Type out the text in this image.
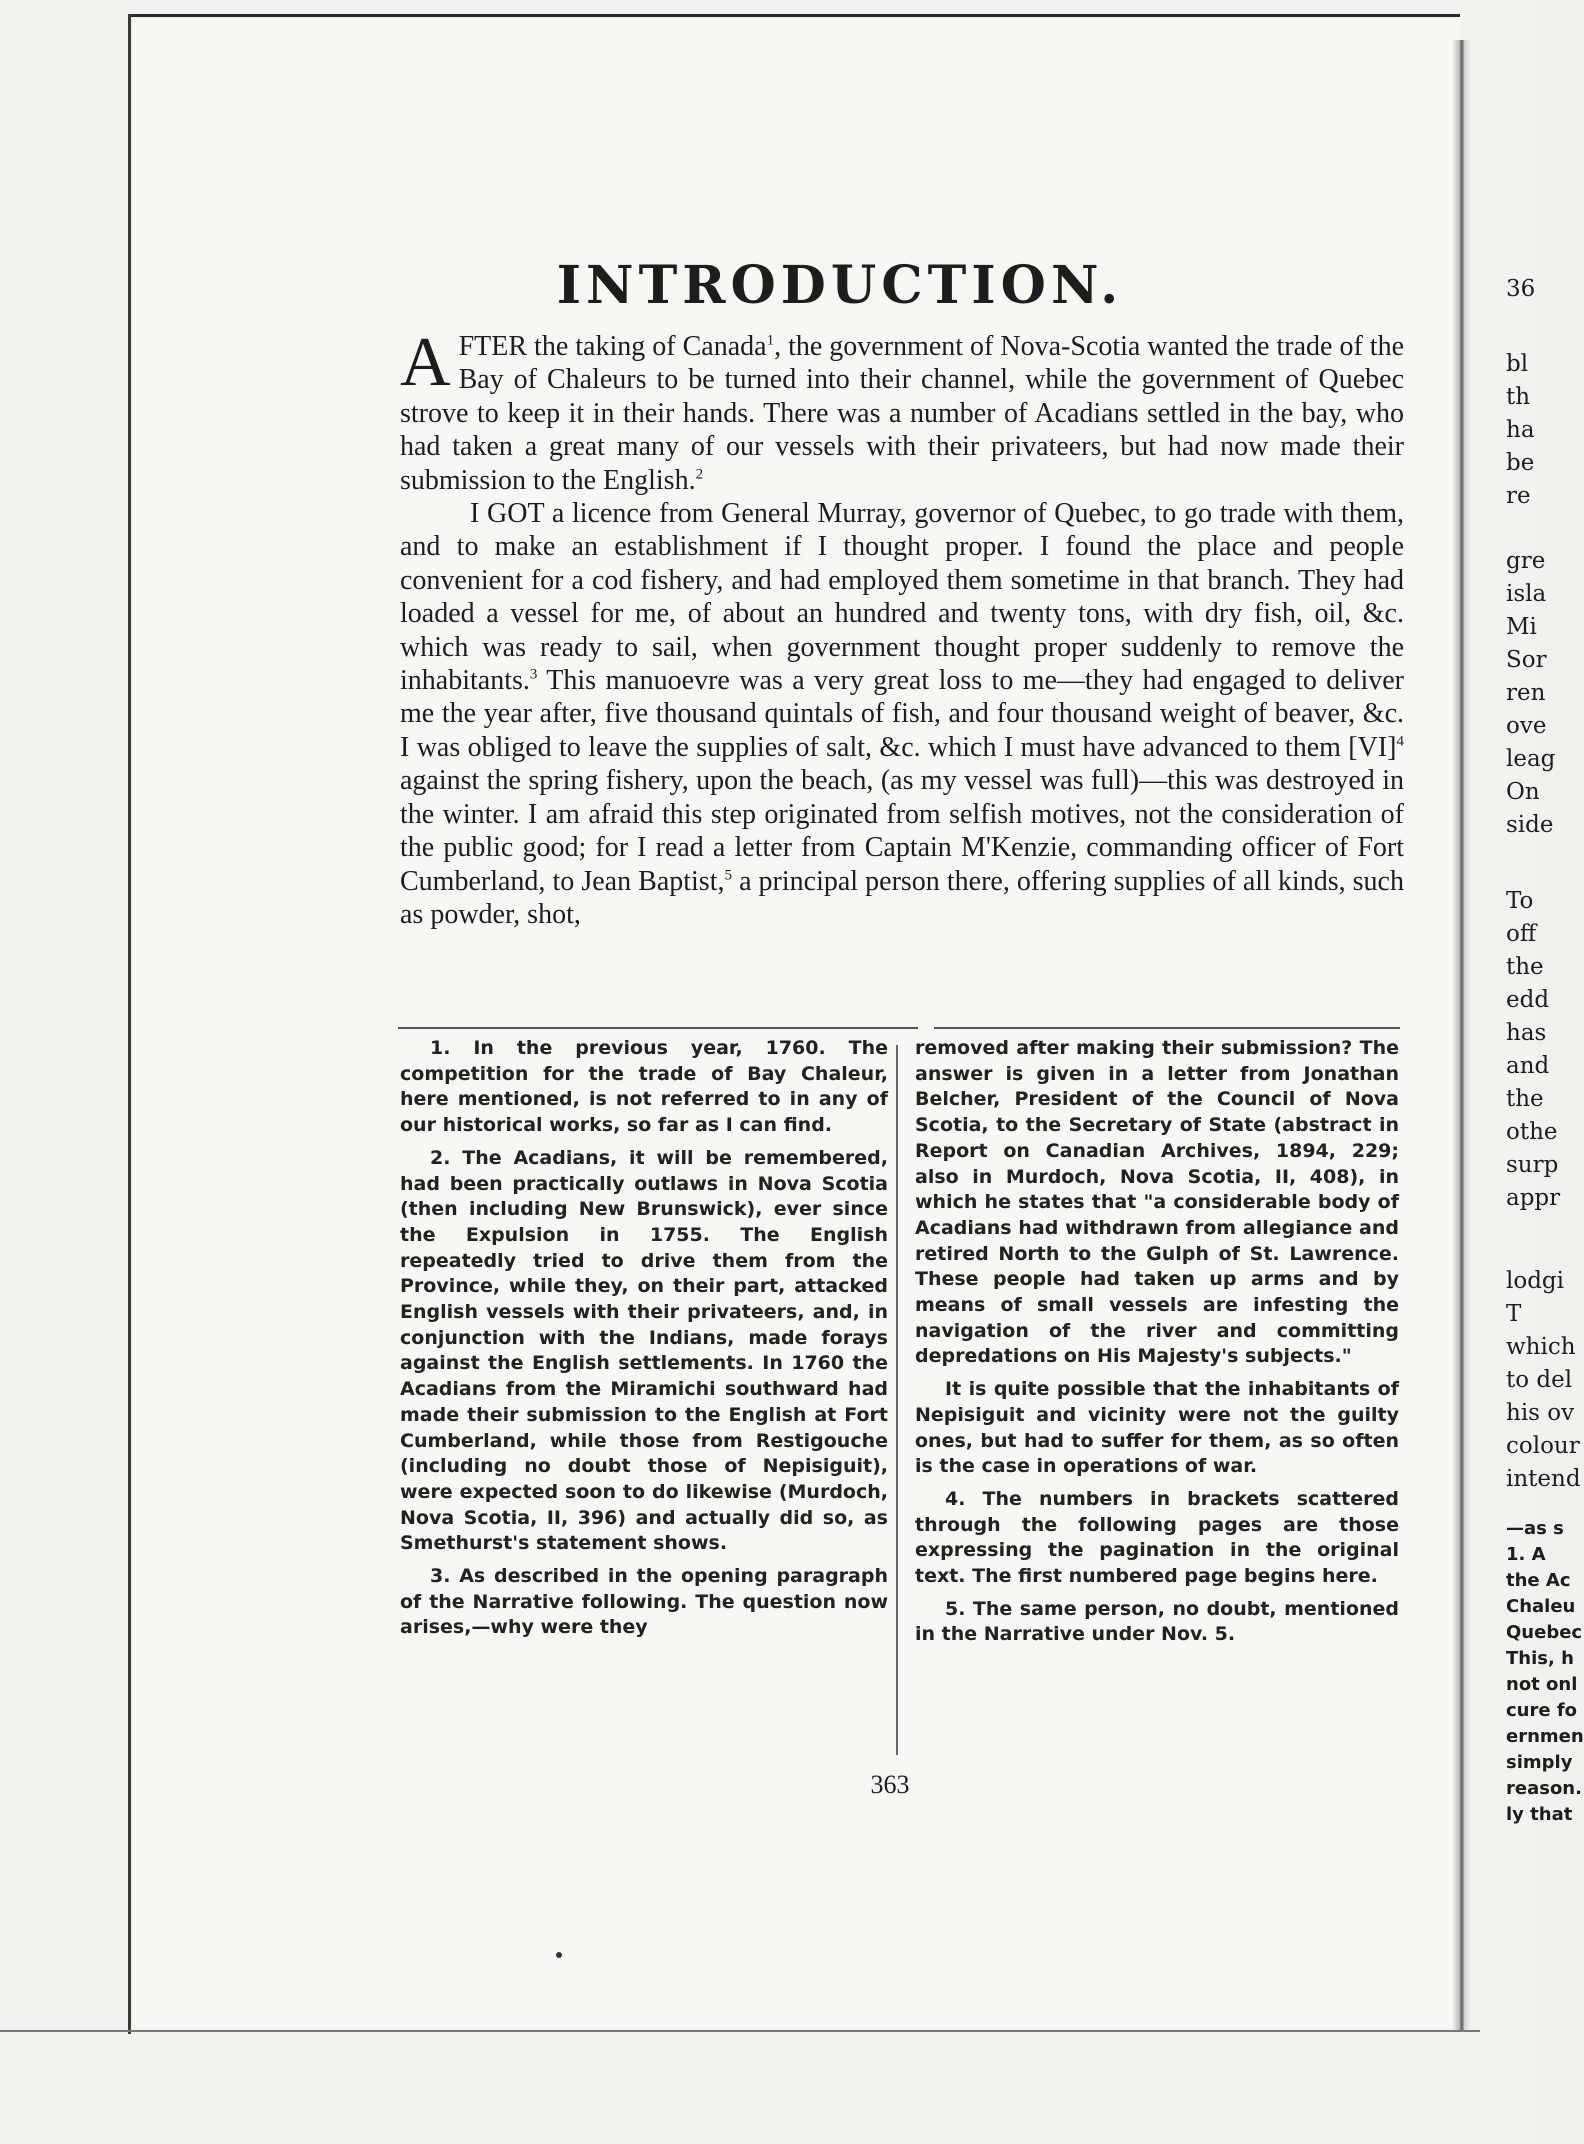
36
bl
th
ha
be
re
gre
isla
Mi
Sor
ren
ove
leag
On
side
To
off
the
edd
has
and
the
othe
surp
appr
lodgi
T
which
to del
his ov
colour
intend
—as s
1. A
the Ac
Chaleu
Quebec
This, h
not onl
cure fo
ernmen
simply
reason.
ly that
INTRODUCTION.

AFTER the taking of Canada$^1$, the government of Nova-Scotia wanted the trade of the Bay of Chaleurs to be turned into their channel, while the government of Quebec strove to keep it in their hands. There was a number of Acadians settled in the bay, who had taken a great many of our vessels with their privateers, but had now made their submission to the English.$^2$

I GOT a licence from General Murray, governor of Quebec, to go trade with them, and to make an establishment if I thought proper. I found the place and people convenient for a cod fishery, and had employed them sometime in that branch. They had loaded a vessel for me, of about an hundred and twenty tons, with dry fish, oil, &c. which was ready to sail, when government thought proper suddenly to remove the inhabitants.$^3$ This manuoevre was a very great loss to me—they had engaged to deliver me the year after, five thousand quintals of fish, and four thousand weight of beaver, &c. I was obliged to leave the supplies of salt, &c. which I must have advanced to them [VI]$^4$ against the spring fishery, upon the beach, (as my vessel was full)—this was destroyed in the winter. I am afraid this step originated from selfish motives, not the consideration of the public good; for I read a letter from Captain M'Kenzie, commanding officer of Fort Cumberland, to Jean Baptist,$^5$ a principal person there, offering supplies of all kinds, such as powder, shot,

1. In the previous year, 1760. The competition for the trade of Bay Chaleur, here mentioned, is not referred to in any of our historical works, so far as I can find.

2. The Acadians, it will be remembered, had been practically outlaws in Nova Scotia (then including New Brunswick), ever since the Expulsion in 1755. The English repeatedly tried to drive them from the Province, while they, on their part, attacked English vessels with their privateers, and, in conjunction with the Indians, made forays against the English settlements. In 1760 the Acadians from the Miramichi southward had made their submission to the English at Fort Cumberland, while those from Restigouche (including no doubt those of Nepisiguit), were expected soon to do likewise (Murdoch, Nova Scotia, II, 396) and actually did so, as Smethurst's statement shows.

3. As described in the opening paragraph of the Narrative following. The question now arises,—why were they

removed after making their submission? The answer is given in a letter from Jonathan Belcher, President of the Council of Nova Scotia, to the Secretary of State (abstract in Report on Canadian Archives, 1894, 229; also in Murdoch, Nova Scotia, II, 408), in which he states that "a considerable body of Acadians had withdrawn from allegiance and retired North to the Gulph of St. Lawrence. These people had taken up arms and by means of small vessels are infesting the navigation of the river and committing depredations on His Majesty's subjects."

It is quite possible that the inhabitants of Nepisiguit and vicinity were not the guilty ones, but had to suffer for them, as so often is the case in operations of war.

4. The numbers in brackets scattered through the following pages are those expressing the pagination in the original text. The first numbered page begins here.

5. The same person, no doubt, mentioned in the Narrative under Nov. 5.

363
